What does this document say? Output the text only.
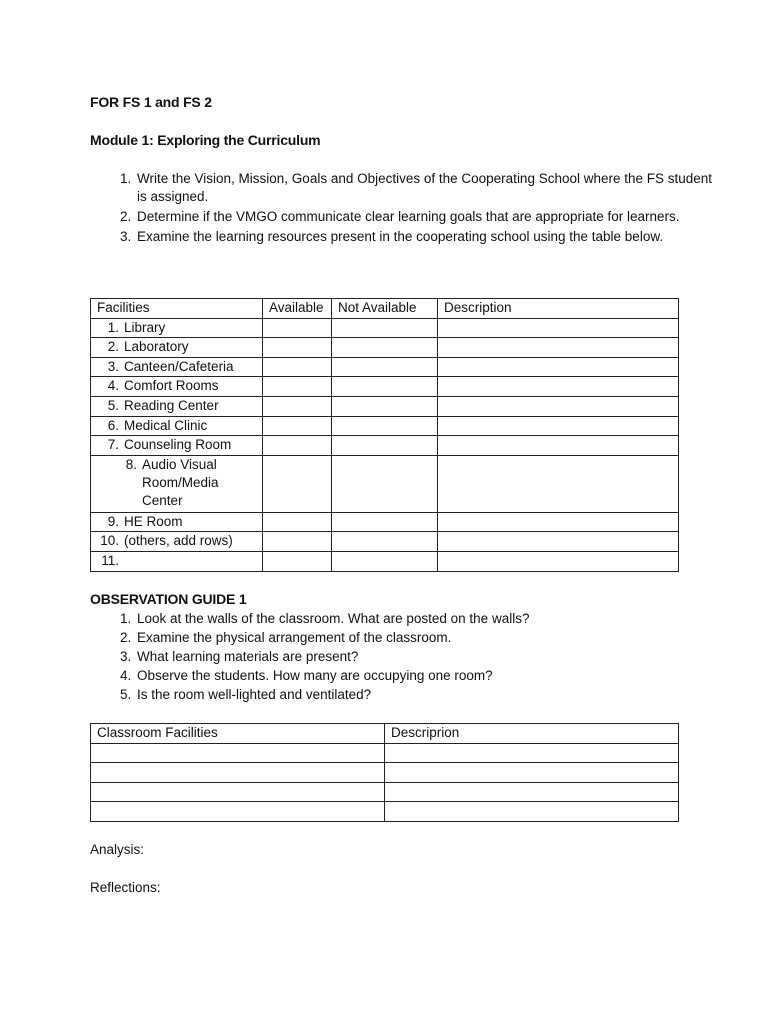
FOR FS 1 and FS 2
Module 1: Exploring the Curriculum
1. Write the Vision, Mission, Goals and Objectives of the Cooperating School where the FS student is assigned.
2. Determine if the VMGO communicate clear learning goals that are appropriate for learners.
3. Examine the learning resources present in the cooperating school using the table below.
Facilities	Available	Not Available	Description
1. Library			
2. Laboratory			
3. Canteen/Cafeteria			
4. Comfort Rooms			
5. Reading Center			
6. Medical Clinic			
7. Counseling Room			
8. Audio Visual Room/Media Center			
9. HE Room			
10. (others, add rows)			
11.			
OBSERVATION GUIDE 1
1. Look at the walls of the classroom. What are posted on the walls?
2. Examine the physical arrangement of the classroom.
3. What learning materials are present?
4. Observe the students. How many are occupying one room?
5. Is the room well-lighted and ventilated?
Classroom Facilities	Descriprion

Analysis:
Reflections:
